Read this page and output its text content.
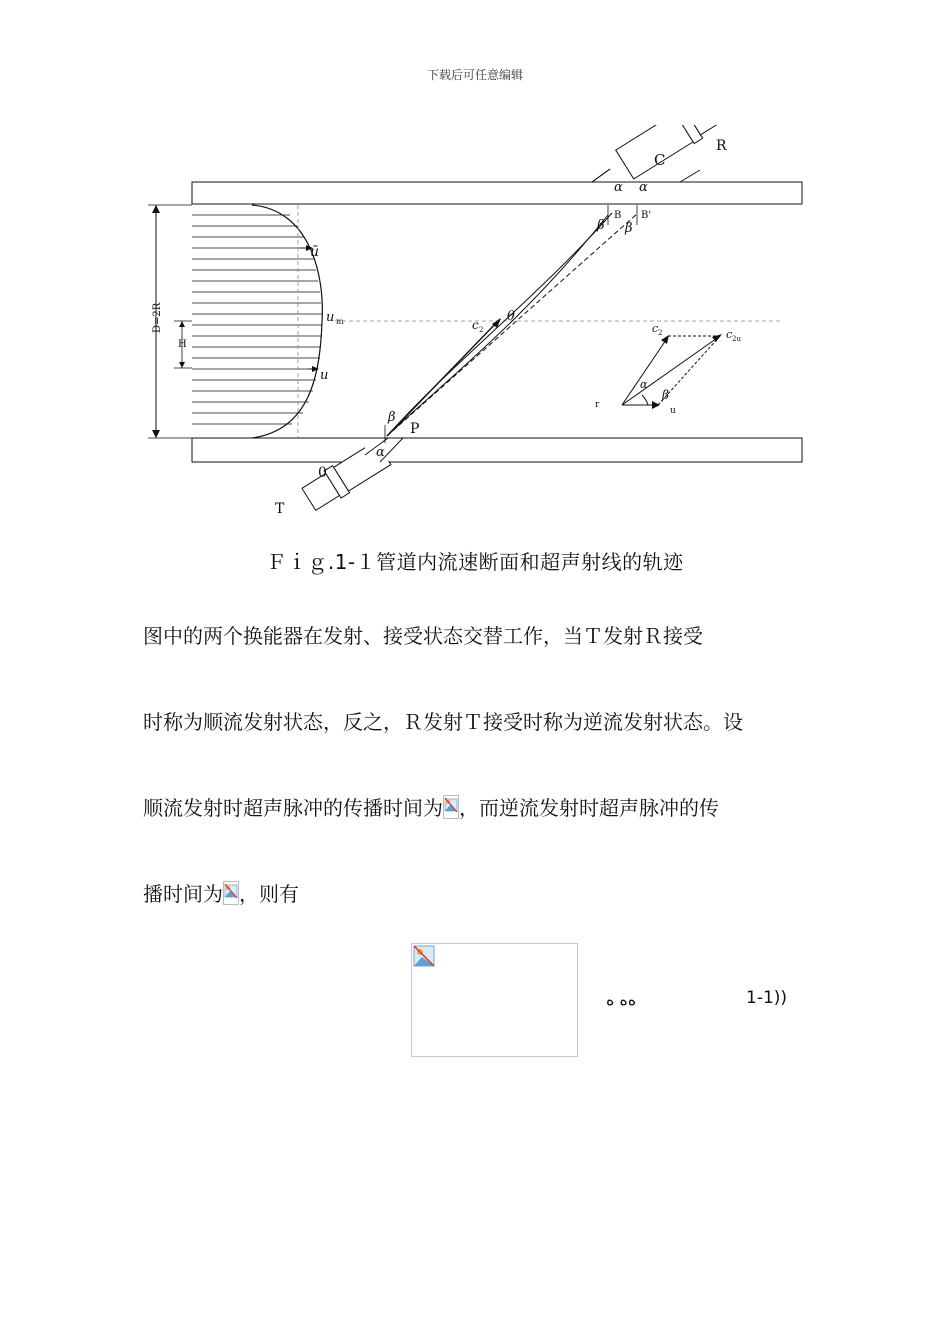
下载后可任意编辑
D=2R
H
ū
u
u m
R
C
T
0
P
α α
β β
B B'
β
α
θ
c 2	c 2	c 2u
r
α
β
u
Ｆｉｇ.1-１管道内流速断面和超声射线的轨迹
图中的两个换能器在发射、接受状态交替工作，当Ｔ发射Ｒ接受
时称为顺流发射状态，反之，Ｒ发射Ｔ接受时称为逆流发射状态。设
顺流发射时超声脉冲的传播时间为 ，而逆流发射时超声脉冲的传
播时间为 ，则有
ﻩﻩ ﻩ	1-1))
